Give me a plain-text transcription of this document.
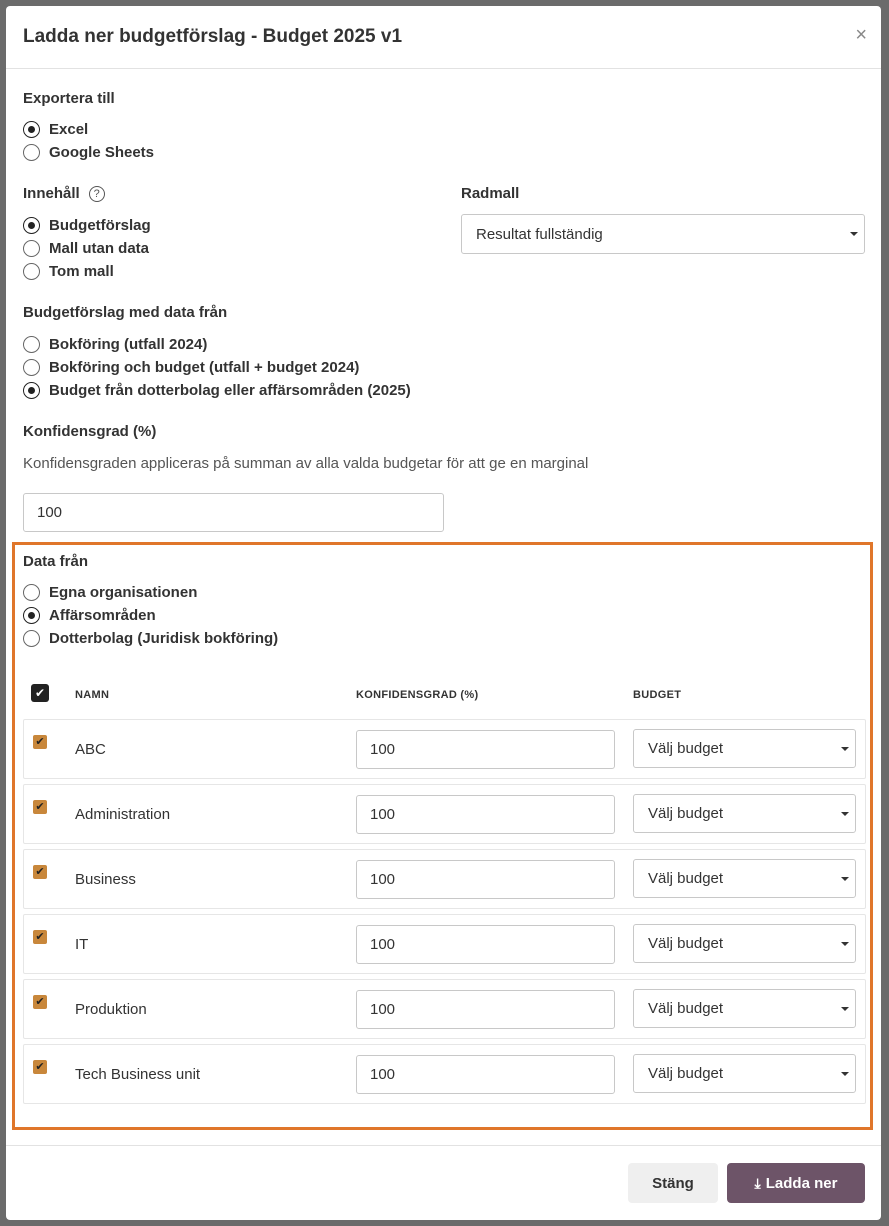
Ladda ner budgetförslag - Budget 2025 v1	×
Exportera till
Excel
Google Sheets
Innehåll	?
Budgetförslag
Mall utan data
Tom mall
Radmall
Resultat fullständig
Budgetförslag med data från
Bokföring (utfall 2024)
Bokföring och budget (utfall + budget 2024)
Budget från dotterbolag eller affärsområden (2025)
Konfidensgrad (%)
Konfidensgraden appliceras på summan av alla valda budgetar för att ge en marginal
100
Data från
Egna organisationen
Affärsområden
Dotterbolag (Juridisk bokföring)
✔	NAMN	KONFIDENSGRAD (%)	BUDGET
✔ ABC	100	Välj budget
✔ Administration	100	Välj budget
✔ Business	100	Välj budget
✔ IT	100	Välj budget
✔ Produktion	100	Välj budget
✔ Tech Business unit	100	Välj budget
Stäng	⤓ Ladda ner
